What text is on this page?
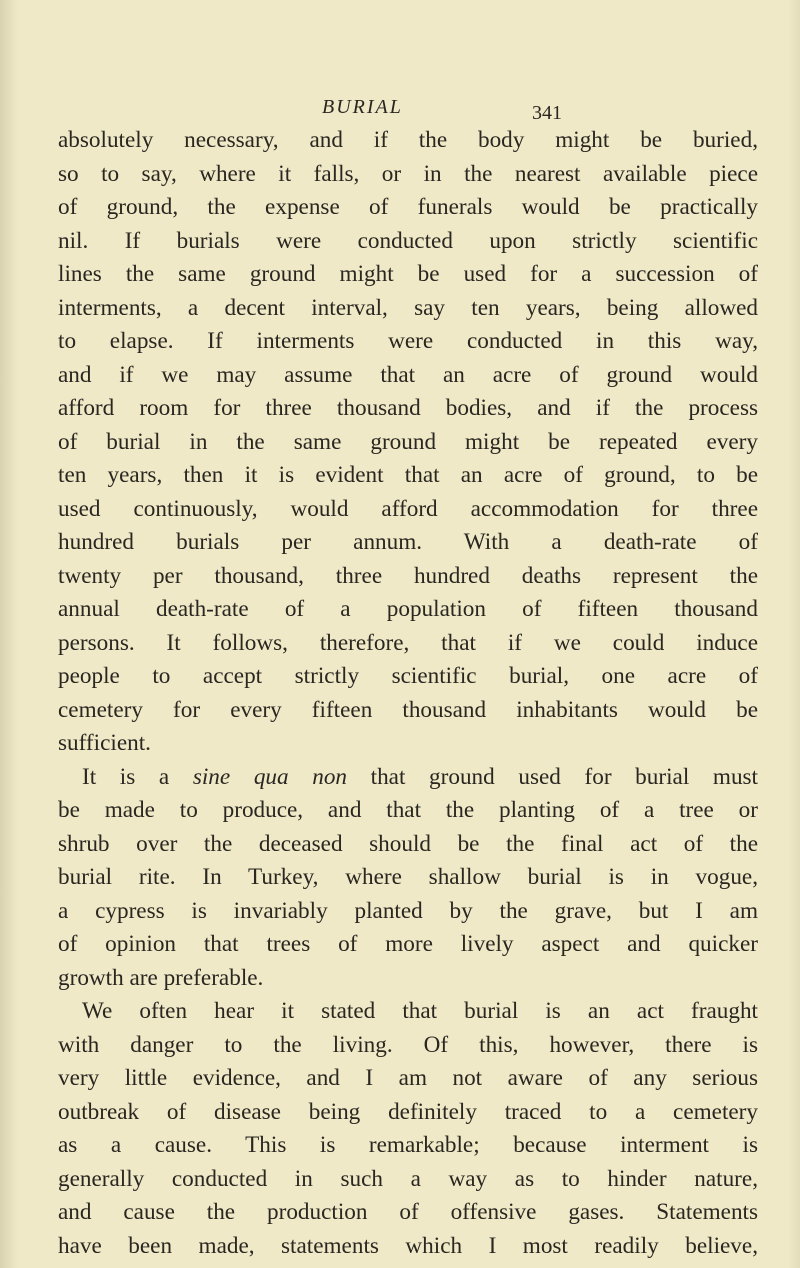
BURIAL	341
absolutely necessary, and if the body might be buried,
so to say, where it falls, or in the nearest available piece
of ground, the expense of funerals would be practically
nil. If burials were conducted upon strictly scientific
lines the same ground might be used for a succession of
interments, a decent interval, say ten years, being allowed
to elapse. If interments were conducted in this way,
and if we may assume that an acre of ground would
afford room for three thousand bodies, and if the process
of burial in the same ground might be repeated every
ten years, then it is evident that an acre of ground, to be
used continuously, would afford accommodation for three
hundred burials per annum. With a death-rate of
twenty per thousand, three hundred deaths represent the
annual death-rate of a population of fifteen thousand
persons. It follows, therefore, that if we could induce
people to accept strictly scientific burial, one acre of
cemetery for every fifteen thousand inhabitants would be
sufficient.
It is a sine qua non that ground used for burial must
be made to produce, and that the planting of a tree or
shrub over the deceased should be the final act of the
burial rite. In Turkey, where shallow burial is in vogue,
a cypress is invariably planted by the grave, but I am
of opinion that trees of more lively aspect and quicker
growth are preferable.
We often hear it stated that burial is an act fraught
with danger to the living. Of this, however, there is
very little evidence, and I am not aware of any serious
outbreak of disease being definitely traced to a cemetery
as a cause. This is remarkable; because interment is
generally conducted in such a way as to hinder nature,
and cause the production of offensive gases. Statements
have been made, statements which I most readily believe,
